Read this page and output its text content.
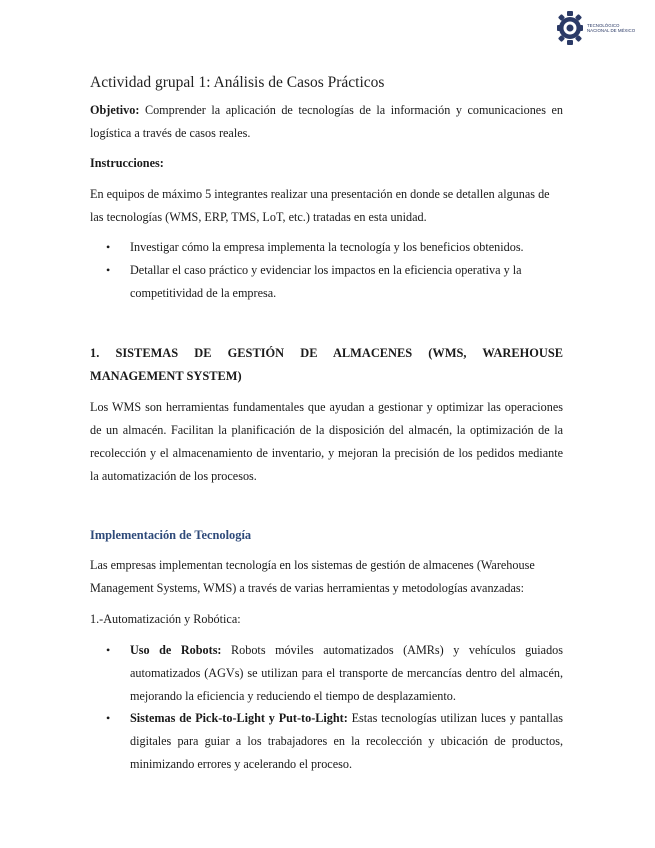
TECNOLÓGICO
NACIONAL DE MÉXICO
Actividad grupal 1: Análisis de Casos Prácticos

Objetivo: Comprender la aplicación de tecnologías de la información y comunicaciones en logística a través de casos reales.

Instrucciones:

En equipos de máximo 5 integrantes realizar una presentación en donde se detallen algunas de las tecnologías (WMS, ERP, TMS, LoT, etc.) tratadas en esta unidad.

• Investigar cómo la empresa implementa la tecnología y los beneficios obtenidos.
• Detallar el caso práctico y evidenciar los impactos en la eficiencia operativa y la competitividad de la empresa.
1. SISTEMAS DE GESTIÓN DE ALMACENES (WMS, WAREHOUSE
MANAGEMENT SYSTEM)

Los WMS son herramientas fundamentales que ayudan a gestionar y optimizar las operaciones de un almacén. Facilitan la planificación de la disposición del almacén, la optimización de la recolección y el almacenamiento de inventario, y mejoran la precisión de los pedidos mediante la automatización de los procesos.

Implementación de Tecnología

Las empresas implementan tecnología en los sistemas de gestión de almacenes (Warehouse Management Systems, WMS) a través de varias herramientas y metodologías avanzadas:

1.-Automatización y Robótica:

• Uso de Robots: Robots móviles automatizados (AMRs) y vehículos guiados automatizados (AGVs) se utilizan para el transporte de mercancías dentro del almacén, mejorando la eficiencia y reduciendo el tiempo de desplazamiento.
• Sistemas de Pick-to-Light y Put-to-Light: Estas tecnologías utilizan luces y pantallas digitales para guiar a los trabajadores en la recolección y ubicación de productos, minimizando errores y acelerando el proceso.
